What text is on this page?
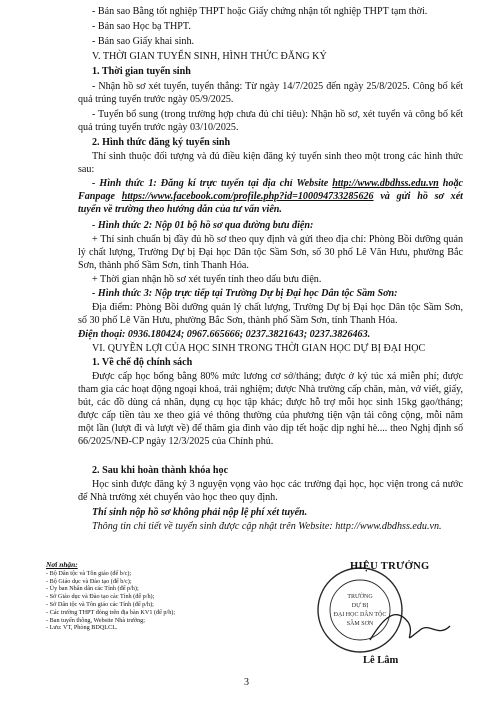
- Bản sao Bằng tốt nghiệp THPT hoặc Giấy chứng nhận tốt nghiệp THPT tạm thời.
- Bản sao Học bạ THPT.
- Bản sao Giấy khai sinh.
V. THỜI GIAN TUYỂN SINH, HÌNH THỨC ĐĂNG KÝ
1. Thời gian tuyển sinh
- Nhận hồ sơ xét tuyển, tuyển thẳng: Từ ngày 14/7/2025 đến ngày 25/8/2025. Công bố kết quả trúng tuyển trước ngày 05/9/2025.
- Tuyển bổ sung (trong trường hợp chưa đủ chỉ tiêu): Nhận hồ sơ, xét tuyển và công bố kết quả trúng tuyển trước ngày 03/10/2025.
2. Hình thức đăng ký tuyển sinh
Thí sinh thuộc đối tượng và đủ điều kiện đăng ký tuyển sinh theo một trong các hình thức sau:
- Hình thức 1: Đăng kí trực tuyến tại địa chỉ Website http://www.dbdhss.edu.vn hoặc Fanpage https://www.facebook.com/profile.php?id=100094733285626 và gửi hồ sơ xét tuyển về trường theo hướng dẫn của tư vấn viên.
- Hình thức 2: Nộp 01 bộ hồ sơ qua đường bưu điện:
+ Thí sinh chuẩn bị đầy đủ hồ sơ theo quy định và gửi theo địa chỉ: Phòng Bồi dưỡng quản lý chất lượng, Trường Dự bị Đại học Dân tộc Sầm Sơn, số 30 phố Lê Văn Hưu, phường Bắc Sơn, thành phố Sầm Sơn, tỉnh Thanh Hóa.
+ Thời gian nhận hồ sơ xét tuyển tính theo dấu bưu điện.
- Hình thức 3: Nộp trực tiếp tại Trường Dự bị Đại học Dân tộc Sầm Sơn:
Địa điểm: Phòng Bồi dưỡng quản lý chất lượng, Trường Dự bị Đại học Dân tộc Sầm Sơn, số 30 phố Lê Văn Hưu, phường Bắc Sơn, thành phố Sầm Sơn, tỉnh Thanh Hóa.
Điện thoại: 0936.180424; 0967.665666; 0237.3821643; 0237.3826463.
VI. QUYỀN LỢI CỦA HỌC SINH TRONG THỜI GIAN HỌC DỰ BỊ ĐẠI HỌC
1. Về chế độ chính sách
Được cấp học bổng bằng 80% mức lương cơ sở/tháng; được ở ký túc xá miễn phí; được tham gia các hoạt động ngoại khoá, trải nghiệm; được Nhà trường cấp chăn, màn, vở viết, giấy, bút, các đồ dùng cá nhân, dụng cụ học tập khác; được hỗ trợ mỗi học sinh 15kg gạo/tháng; được cấp tiền tàu xe theo giá vé thông thường của phương tiện vận tải công cộng, mỗi năm một lần (lượt đi và lượt về) để thăm gia đình vào dịp tết hoặc dịp nghỉ hè.... theo Nghị định số 66/2025/NĐ-CP ngày 12/3/2025 của Chính phủ.
2. Sau khi hoàn thành khóa học
Học sinh được đăng ký 3 nguyện vọng vào học các trường đại học, học viện trong cả nước để Nhà trường xét chuyển vào học theo quy định.
Thí sinh nộp hồ sơ không phải nộp lệ phí xét tuyển.
Thông tin chi tiết về tuyển sinh được cập nhật trên Website: http://www.dbdhss.edu.vn.
Nơi nhận:
- Bộ Dân tộc và Tôn giáo (để b/c);
- Bộ Giáo dục và Đào tạo (để b/c);
- Ủy ban Nhân dân các Tỉnh (để p/h);
- Sở Giáo dục và Đào tạo các Tỉnh (để p/h);
- Sở Dân tộc và Tôn giáo các Tỉnh (để p/h);
- Các trường THPT đóng trên địa bàn KV1 (để p/h);
- Ban tuyển thông, Website Nhà trường;
- Lưu: VT, Phòng BDQLCL.
TRƯỜNG
DỰ BỊ
ĐẠI HỌC DÂN TỘC
SẦM SƠN
HIỆU TRƯỞNG
Lê Lâm
3
